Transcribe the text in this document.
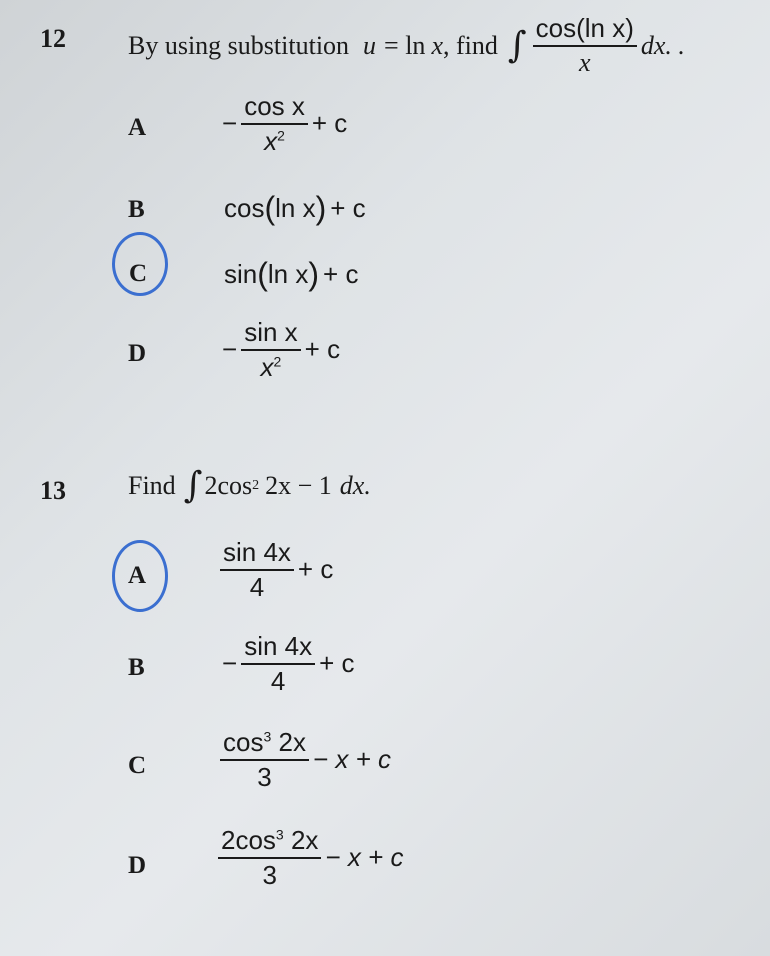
12 By using substitution u = ln x , find ∫ $\frac{\text{cos(ln x)}}{x}$ dx. .
A	− $\frac{\text{cos x}}{x^2} + c$
B	cos ( ln x ) + c
C	sin ( ln x ) + c
D	− $\frac{\text{sin x}}{x^2} + c$
13 Find ∫ 2cos 2 2x − 1 dx.
A	$\frac{\sin 4x}{4} + c$
B	− $\frac{\sin 4x}{4} + c$
C	$\frac{\cos^3 2x}{3} - x + c$
D	$\frac{2\cos^3 2x}{3} - x + c$
